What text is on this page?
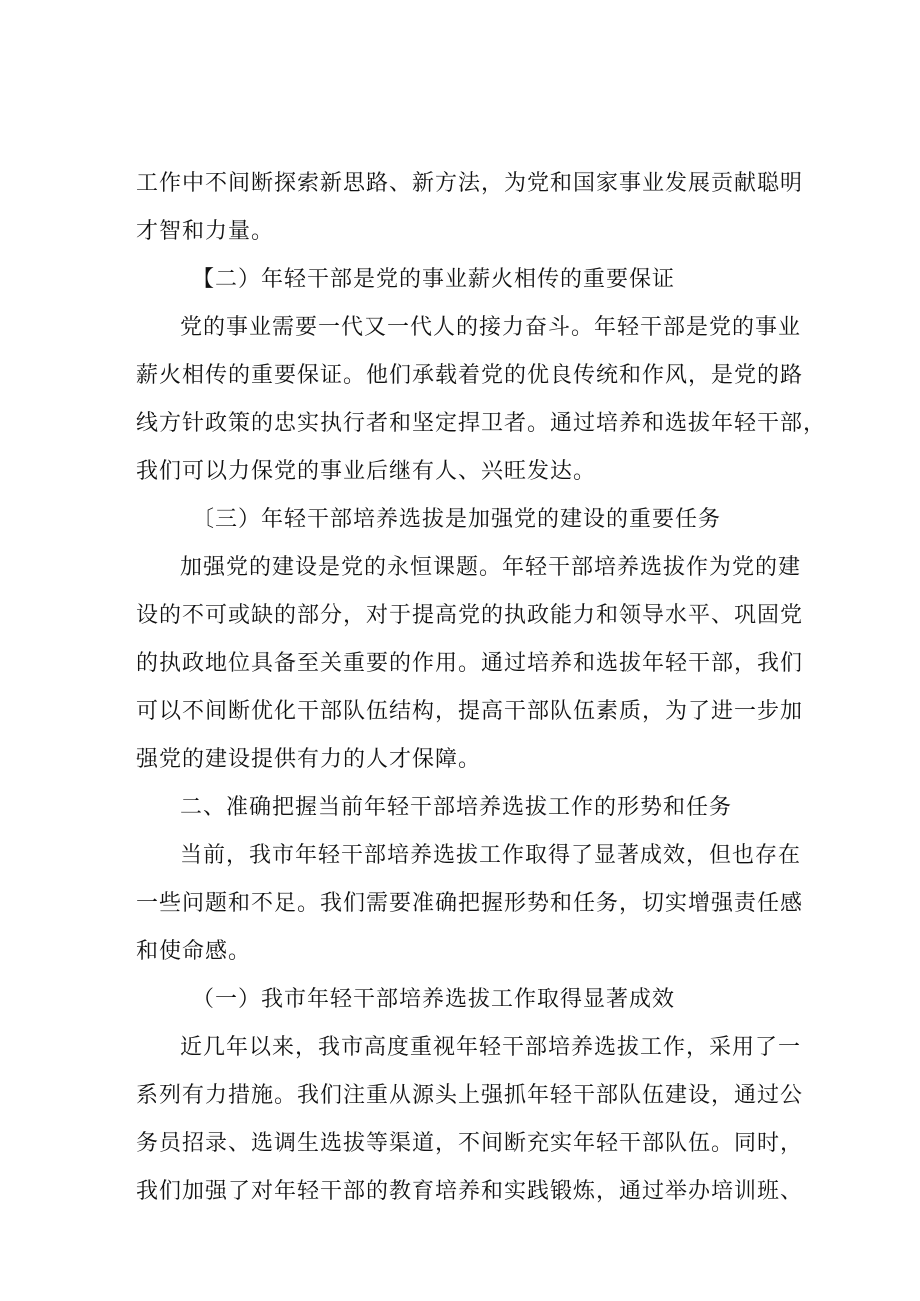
工作中不间断探索新思路、新方法，为党和国家事业发展贡献聪明
才智和力量。
【二）年轻干部是党的事业薪火相传的重要保证
党的事业需要一代又一代人的接力奋斗。年轻干部是党的事业
薪火相传的重要保证。他们承载着党的优良传统和作风，是党的路
线方针政策的忠实执行者和坚定捍卫者。通过培养和选拔年轻干部，
我们可以力保党的事业后继有人、兴旺发达。
〔三）年轻干部培养选拔是加强党的建设的重要任务
加强党的建设是党的永恒课题。年轻干部培养选拔作为党的建
设的不可或缺的部分，对于提高党的执政能力和领导水平、巩固党
的执政地位具备至关重要的作用。通过培养和选拔年轻干部，我们
可以不间断优化干部队伍结构，提高干部队伍素质，为了进一步加
强党的建设提供有力的人才保障。
二、准确把握当前年轻干部培养选拔工作的形势和任务
当前，我市年轻干部培养选拔工作取得了显著成效，但也存在
一些问题和不足。我们需要准确把握形势和任务，切实增强责任感
和使命感。
（一）我市年轻干部培养选拔工作取得显著成效
近几年以来，我市高度重视年轻干部培养选拔工作，采用了一
系列有力措施。我们注重从源头上强抓年轻干部队伍建设，通过公
务员招录、选调生选拔等渠道，不间断充实年轻干部队伍。同时，
我们加强了对年轻干部的教育培养和实践锻炼，通过举办培训班、
